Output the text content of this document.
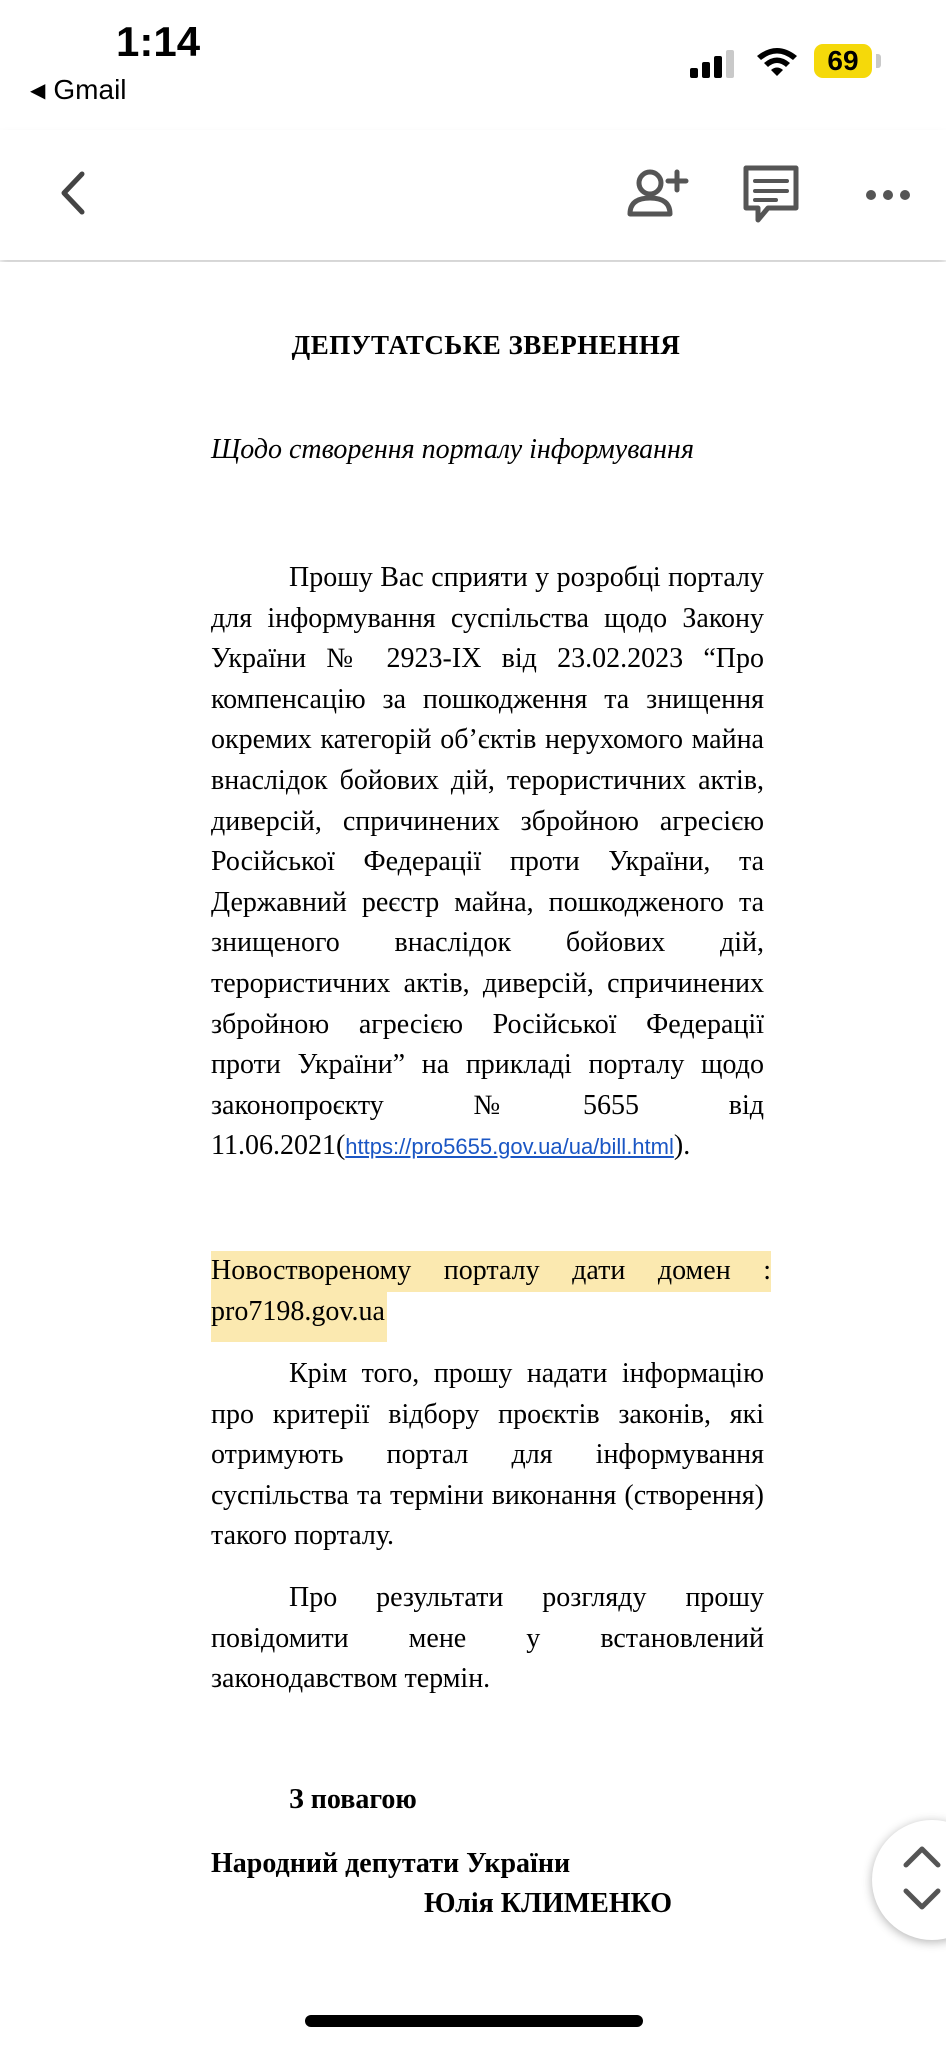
1:14
◀ Gmail
69
ДЕПУТАТСЬКЕ ЗВЕРНЕННЯ
Щодо створення порталу інформування
Прошу Вас сприяти у розробці порталу для інформування суспільства щодо Закону України № 2923-IX від 23.02.2023 “Про компенсацію за пошкодження та знищення окремих категорій об’єктів нерухомого майна внаслідок бойових дій, терористичних актів, диверсій, спричинених збройною агресією Російської Федерації проти України, та Державний реєстр майна, пошкодженого та знищеного внаслідок бойових дій, терористичних актів, диверсій, спричинених збройною агресією Російської Федерації проти України” на прикладі порталу щодо законопроєкту №5655 від 11.06.2021(https://pro5655.gov.ua/ua/bill.html).
Новоствореному порталу дати домен :
pro7198.gov.ua
Крім того, прошу надати інформацію про критерії відбору проєктів законів, які отримують портал для інформування суспільства та терміни виконання (створення) такого порталу.
Про результати розгляду прошу повідомити мене у встановлений законодавством термін.
З повагою
Народний депутати України
Юлія КЛИМЕНКО
